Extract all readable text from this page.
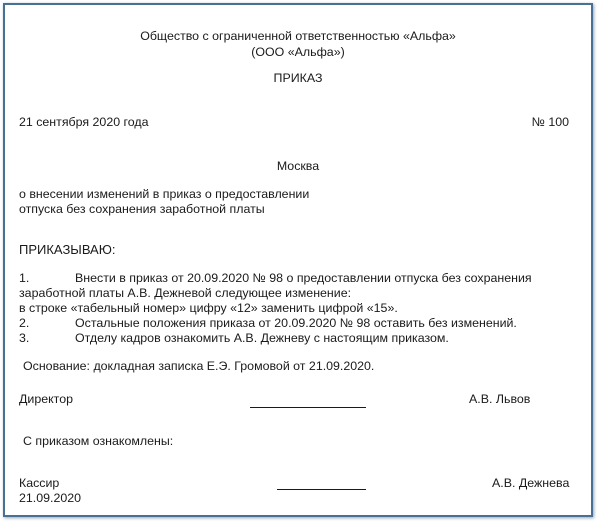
Общество с ограниченной ответственностью «Альфа»
(ООО «Альфа»)
ПРИКАЗ
21 сентября 2020 года	№ 100
Москва
о внесении изменений в приказ о предоставлении
отпуска без сохранения заработной платы
ПРИКАЗЫВАЮ:
1.	Внести в приказ от 20.09.2020 № 98 о предоставлении отпуска без сохранения
заработной платы А.В. Дежневой следующее изменение:
в строке «табельный номер» цифру «12» заменить цифрой «15».
2.	Остальные положения приказа от 20.09.2020 № 98 оставить без изменений.
3.	Отделу кадров ознакомить А.В. Дежневу с настоящим приказом.
Основание: докладная записка Е.Э. Громовой от 21.09.2020.
Директор	А.В. Львов
С приказом ознакомлены:
Кассир	А.В. Дежнева
21.09.2020
